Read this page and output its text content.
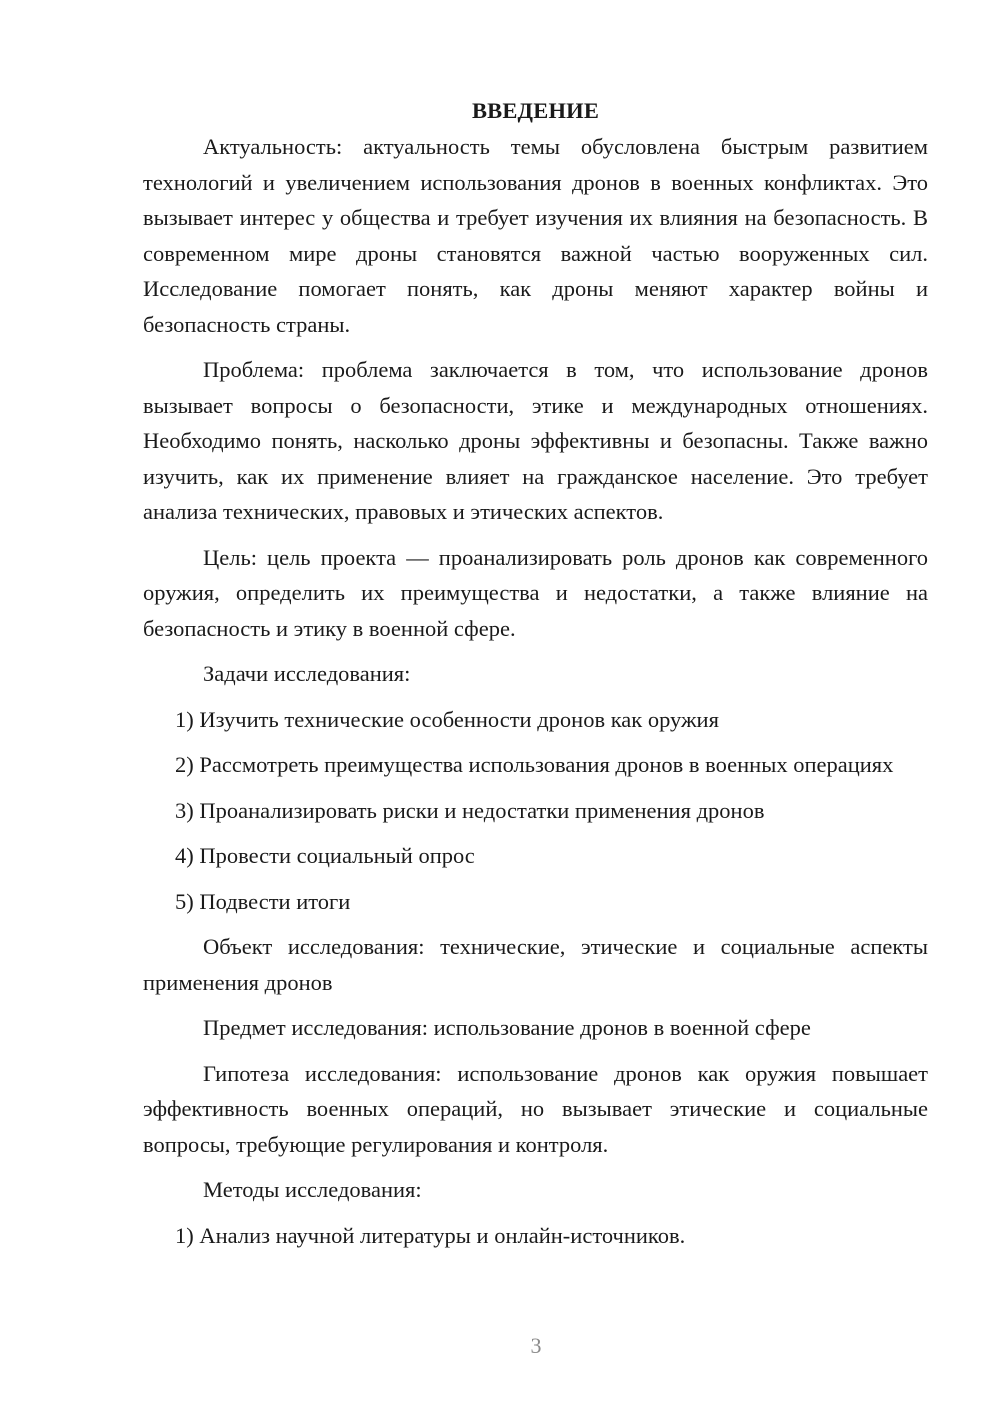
ВВЕДЕНИЕ

Актуальность: актуальность темы обусловлена быстрым развитием технологий и увеличением использования дронов в военных конфликтах. Это вызывает интерес у общества и требует изучения их влияния на безопасность. В современном мире дроны становятся важной частью вооруженных сил. Исследование помогает понять, как дроны меняют характер войны и безопасность страны.

Проблема: проблема заключается в том, что использование дронов вызывает вопросы о безопасности, этике и международных отношениях. Необходимо понять, насколько дроны эффективны и безопасны. Также важно изучить, как их применение влияет на гражданское население. Это требует анализа технических, правовых и этических аспектов.

Цель: цель проекта — проанализировать роль дронов как современного оружия, определить их преимущества и недостатки, а также влияние на безопасность и этику в военной сфере.

Задачи исследования:

1) Изучить технические особенности дронов как оружия

2) Рассмотреть преимущества использования дронов в военных операциях

3) Проанализировать риски и недостатки применения дронов

4) Провести социальный опрос

5) Подвести итоги

Объект исследования: технические, этические и социальные аспекты применения дронов

Предмет исследования: использование дронов в военной сфере

Гипотеза исследования: использование дронов как оружия повышает эффективность военных операций, но вызывает этические и социальные вопросы, требующие регулирования и контроля.

Методы исследования:

1) Анализ научной литературы и онлайн-источников.

3
